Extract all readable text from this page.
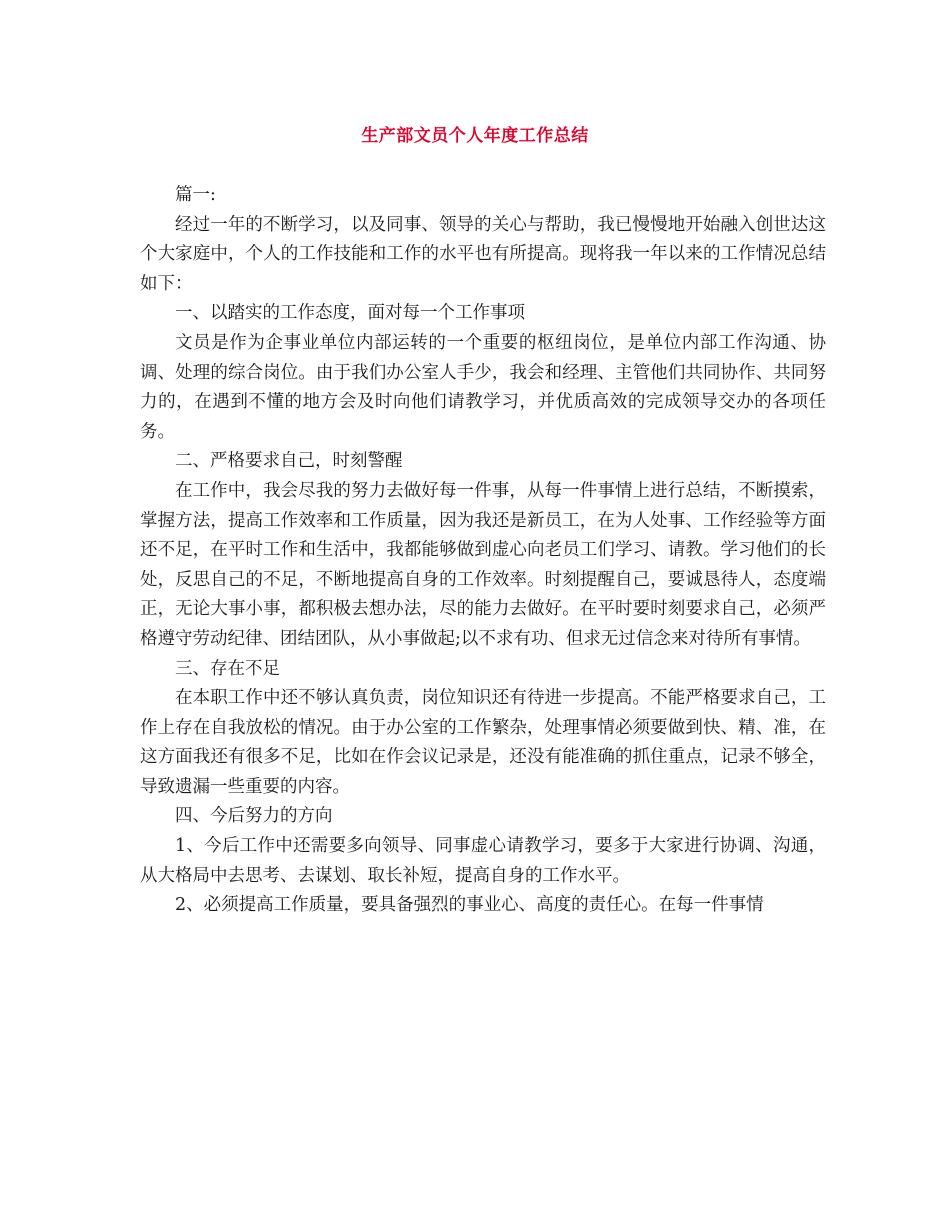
生产部文员个人年度工作总结

篇一:

经过一年的不断学习，以及同事、领导的关心与帮助，我已慢慢地开始融入创世达这个大家庭中，个人的工作技能和工作的水平也有所提高。现将我一年以来的工作情况总结如下：

一、以踏实的工作态度，面对每一个工作事项

文员是作为企事业单位内部运转的一个重要的枢纽岗位，是单位内部工作沟通、协调、处理的综合岗位。由于我们办公室人手少，我会和经理、主管他们共同协作、共同努力的，在遇到不懂的地方会及时向他们请教学习，并优质高效的完成领导交办的各项任务。

二、严格要求自己，时刻警醒

在工作中，我会尽我的努力去做好每一件事，从每一件事情上进行总结，不断摸索，掌握方法，提高工作效率和工作质量，因为我还是新员工，在为人处事、工作经验等方面还不足，在平时工作和生活中，我都能够做到虚心向老员工们学习、请教。学习他们的长处，反思自己的不足，不断地提高自身的工作效率。时刻提醒自己，要诚恳待人，态度端正，无论大事小事，都积极去想办法，尽的能力去做好。在平时要时刻要求自己，必须严格遵守劳动纪律、团结团队，从小事做起;以不求有功、但求无过信念来对待所有事情。

三、存在不足

在本职工作中还不够认真负责，岗位知识还有待进一步提高。不能严格要求自己，工作上存在自我放松的情况。由于办公室的工作繁杂，处理事情必须要做到快、精、准，在这方面我还有很多不足，比如在作会议记录是，还没有能准确的抓住重点，记录不够全，导致遗漏一些重要的内容。

四、今后努力的方向

1、今后工作中还需要多向领导、同事虚心请教学习，要多于大家进行协调、沟通，从大格局中去思考、去谋划、取长补短，提高自身的工作水平。

2、必须提高工作质量，要具备强烈的事业心、高度的责任心。在每一件事情
